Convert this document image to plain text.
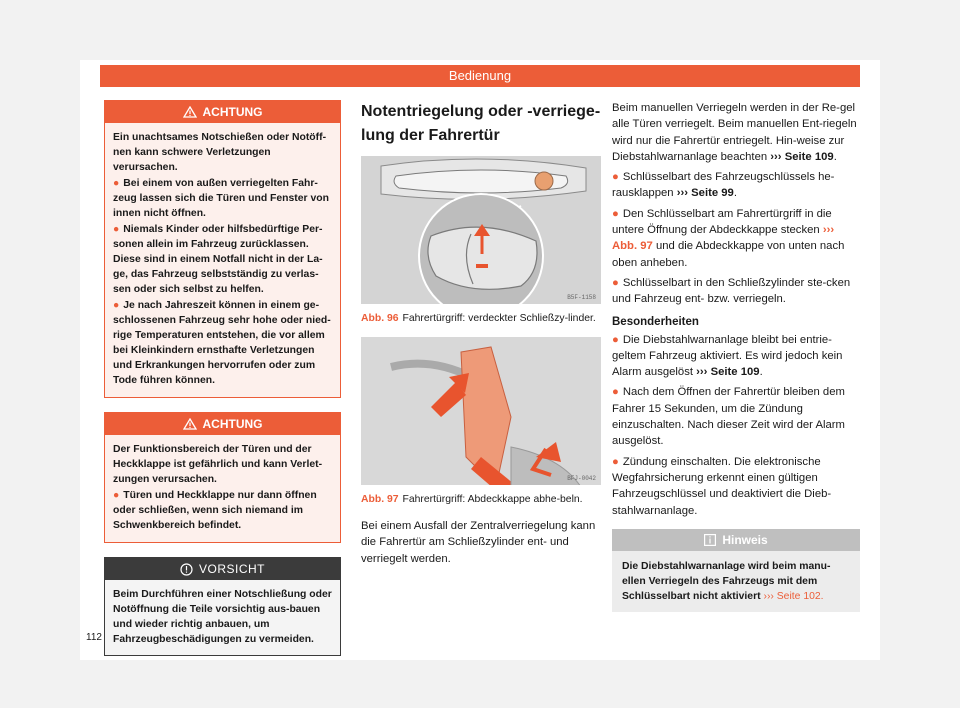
Bedienung
ACHTUNG

Ein unachtsames Notschießen oder Notöff-nen kann schwere Verletzungen verursachen.

● Bei einem von außen verriegelten Fahr-zeug lassen sich die Türen und Fenster von innen nicht öffnen.

● Niemals Kinder oder hilfsbedürftige Per-sonen allein im Fahrzeug zurücklassen. Diese sind in einem Notfall nicht in der La-ge, das Fahrzeug selbstständig zu verlas-sen oder sich selbst zu helfen.

● Je nach Jahreszeit können in einem ge-schlossenen Fahrzeug sehr hohe oder nied-rige Temperaturen entstehen, die vor allem bei Kleinkindern ernsthafte Verletzungen und Erkrankungen hervorrufen oder zum Tode führen können.

ACHTUNG

Der Funktionsbereich der Türen und der Heckklappe ist gefährlich und kann Verlet-zungen verursachen.

● Türen und Heckklappe nur dann öffnen oder schließen, wenn sich niemand im Schwenkbereich befindet.

VORSICHT
Beim Durchführen einer Notschließung oder Notöffnung die Teile vorsichtig aus-bauen und wieder richtig anbauen, um Fahrzeugbeschädigungen zu vermeiden.
Notentriegelung oder -verriege-lung der Fahrertür
B5F-1158
Abb. 96 Fahrertürgriff: verdeckter Schließzy-linder.
BFJ-0042
Abb. 97 Fahrertürgriff: Abdeckkappe abhe-beln.

Bei einem Ausfall der Zentralverriegelung kann die Fahrertür am Schließzylinder ent- und verriegelt werden.

Beim manuellen Verriegeln werden in der Re-gel alle Türen verriegelt. Beim manuellen Ent-riegeln wird nur die Fahrertür entriegelt. Hin-weise zur Diebstahlwarnanlage beachten ››› Seite 109.

● Schlüsselbart des Fahrzeugschlüssels he-rausklappen ››› Seite 99.

● Den Schlüsselbart am Fahrertürgriff in die untere Öffnung der Abdeckkappe stecken ››› Abb. 97 und die Abdeckkappe von unten nach oben anheben.

● Schlüsselbart in den Schließzylinder ste-cken und Fahrzeug ent- bzw. verriegeln.

Besonderheiten

● Die Diebstahlwarnanlage bleibt bei entrie-geltem Fahrzeug aktiviert. Es wird jedoch kein Alarm ausgelöst ››› Seite 109.

● Nach dem Öffnen der Fahrertür bleiben dem Fahrer 15 Sekunden, um die Zündung einzuschalten. Nach dieser Zeit wird der Alarm ausgelöst.

● Zündung einschalten. Die elektronische Wegfahrsicherung erkennt einen gültigen Fahrzeugschlüssel und deaktiviert die Dieb-stahlwarnanlage.

Hinweis
Die Diebstahlwarnanlage wird beim manu-ellen Verriegeln des Fahrzeugs mit dem Schlüsselbart nicht aktiviert ››› Seite 102.
112
